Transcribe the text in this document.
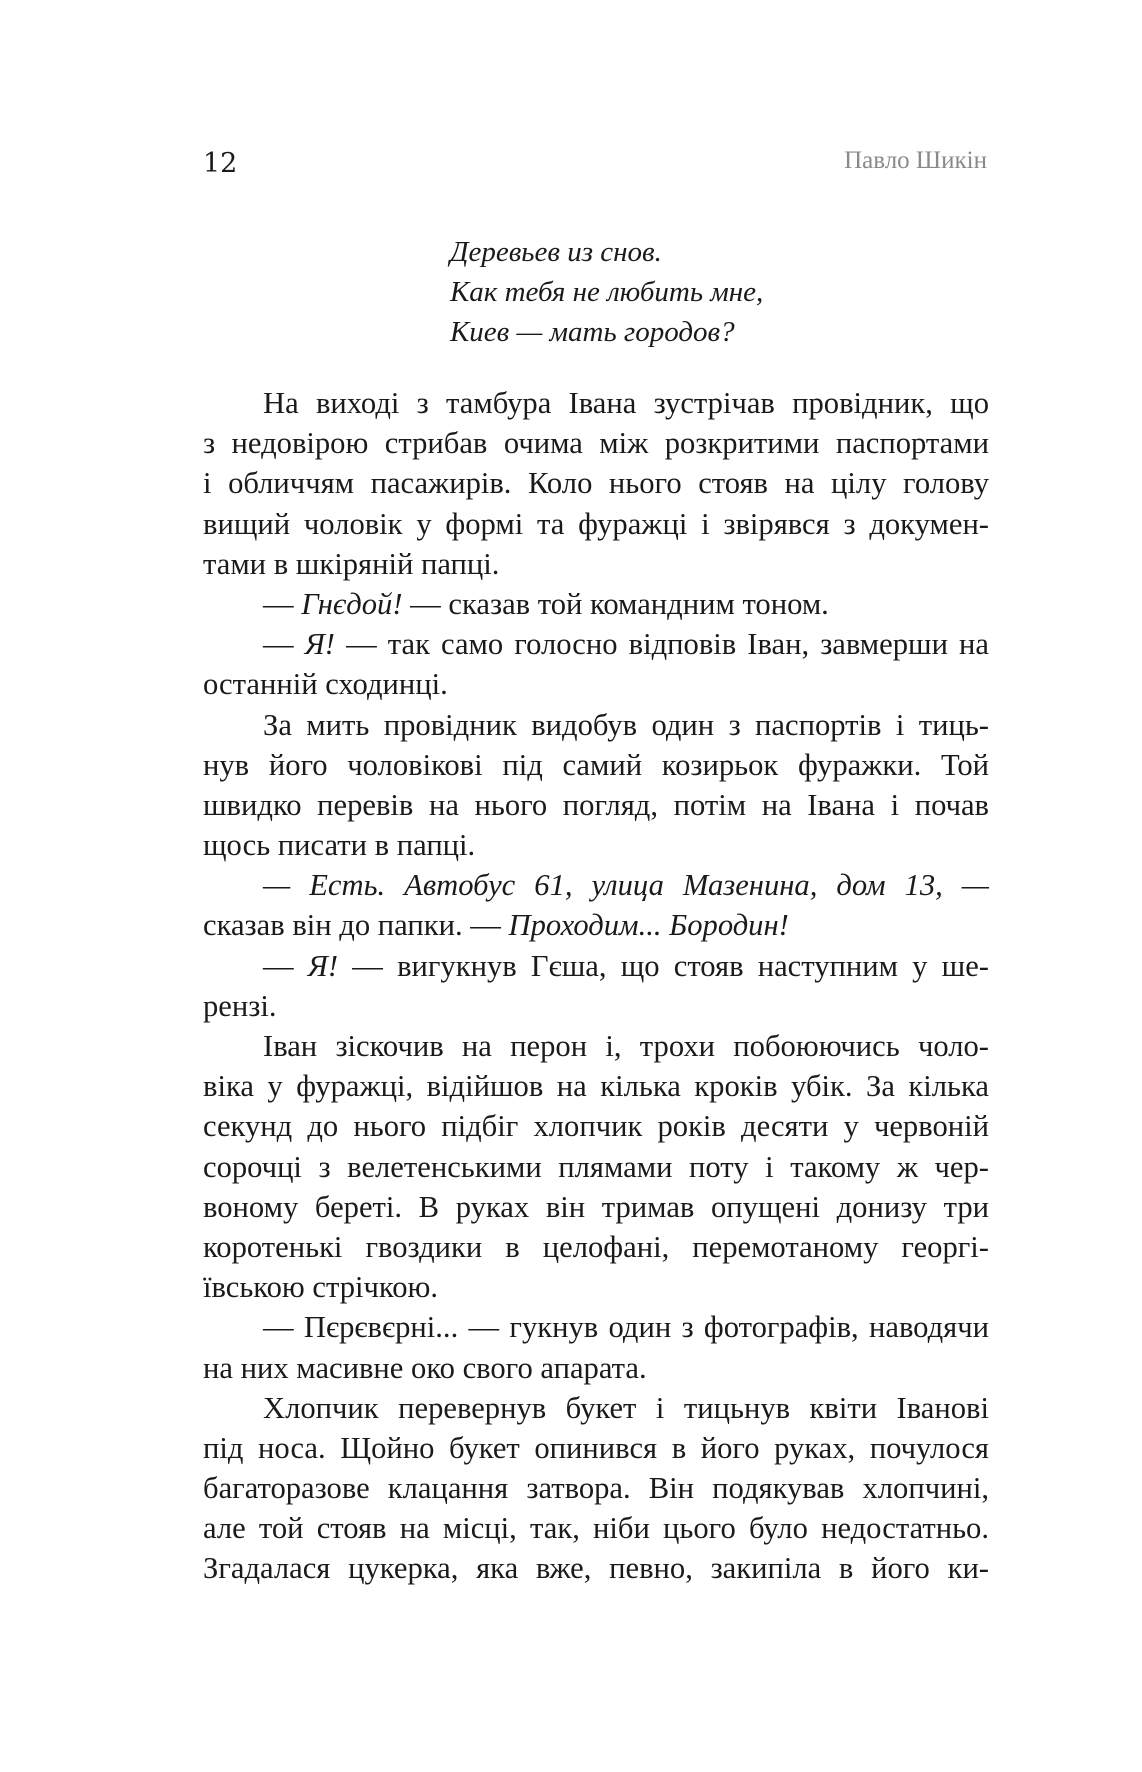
12	Павло Шикін
Деревьев из снов.
Как тебя не любить мне,
Киев — мать городов?
На виході з тамбура Івана зустрічав провідник, що
з недовірою стрибав очима між розкритими паспортами
і обличчям пасажирів. Коло нього стояв на цілу голову
вищий чоловік у формі та фуражці і звірявся з докумен-
тами в шкіряній папці.
— Гнєдой! — сказав той командним тоном.
— Я! — так само голосно відповів Іван, завмерши на
останній сходинці.
За мить провідник видобув один з паспортів і тиць-
нув його чоловікові під самий козирьок фуражки. Той
швидко перевів на нього погляд, потім на Івана і почав
щось писати в папці.
— Есть. Автобус 61, улица Мазенина, дом 13, —
сказав він до папки. — Проходим... Бородин!
— Я! — вигукнув Гєша, що стояв наступним у ше-
рензі.
Іван зіскочив на перон і, трохи побоюючись чоло-
віка у фуражці, відійшов на кілька кроків убік. За кілька
секунд до нього підбіг хлопчик років десяти у червоній
сорочці з велетенськими плямами поту і такому ж чер-
воному береті. В руках він тримав опущені донизу три
коротенькі гвоздики в целофані, перемотаному георгі-
ївською стрічкою.
— Пєрєвєрні... — гукнув один з фотографів, наводячи
на них масивне око свого апарата.
Хлопчик перевернув букет і тицьнув квіти Іванові
під носа. Щойно букет опинився в його руках, почулося
багаторазове клацання затвора. Він подякував хлопчині,
але той стояв на місці, так, ніби цього було недостатньо.
Згадалася цукерка, яка вже, певно, закипіла в його ки-
